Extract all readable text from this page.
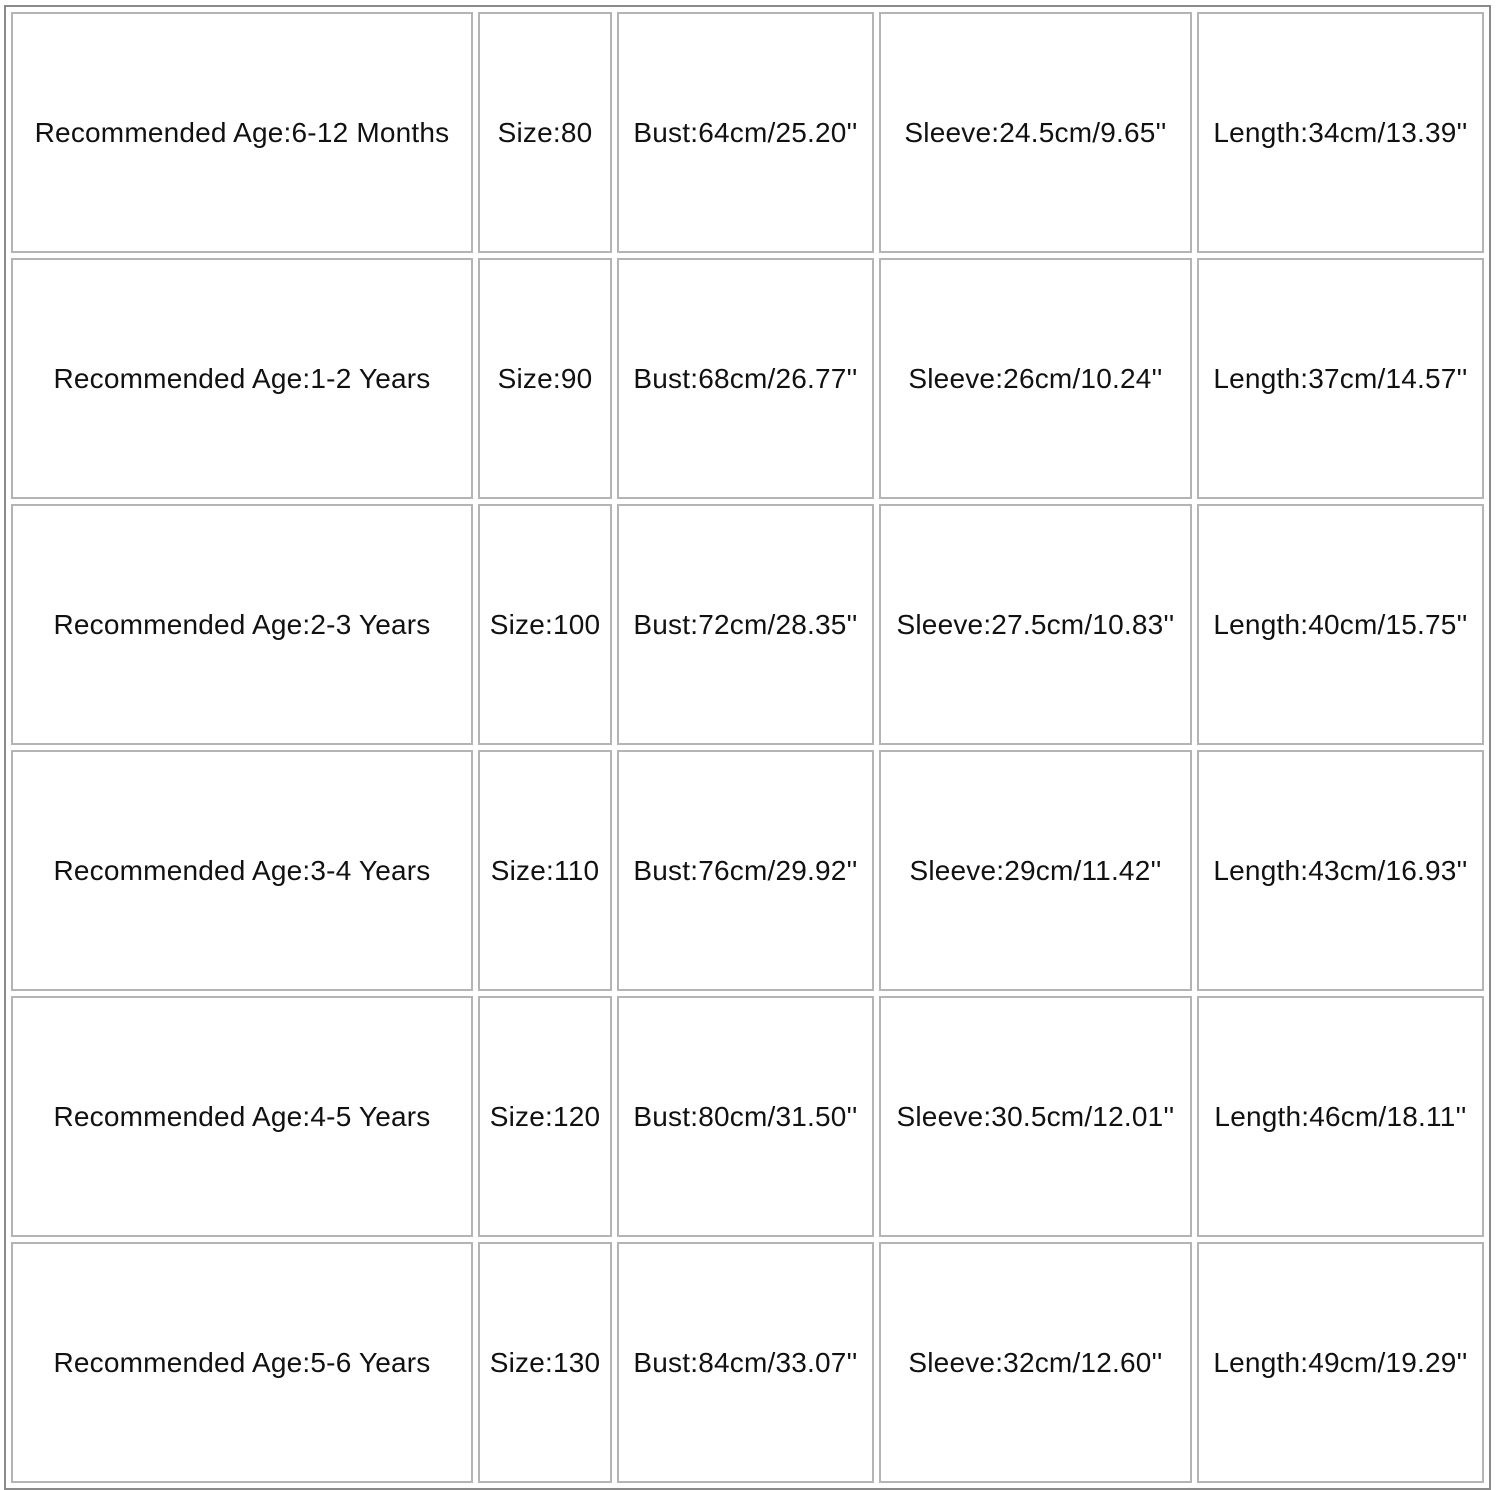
Recommended Age:6-12 Months	Size:80	Bust:64cm/25.20''	Sleeve:24.5cm/9.65''	Length:34cm/13.39''
Recommended Age:1-2 Years	Size:90	Bust:68cm/26.77''	Sleeve:26cm/10.24''	Length:37cm/14.57''
Recommended Age:2-3 Years	Size:100	Bust:72cm/28.35''	Sleeve:27.5cm/10.83''	Length:40cm/15.75''
Recommended Age:3-4 Years	Size:110	Bust:76cm/29.92''	Sleeve:29cm/11.42''	Length:43cm/16.93''
Recommended Age:4-5 Years	Size:120	Bust:80cm/31.50''	Sleeve:30.5cm/12.01''	Length:46cm/18.11''
Recommended Age:5-6 Years	Size:130	Bust:84cm/33.07''	Sleeve:32cm/12.60''	Length:49cm/19.29''
